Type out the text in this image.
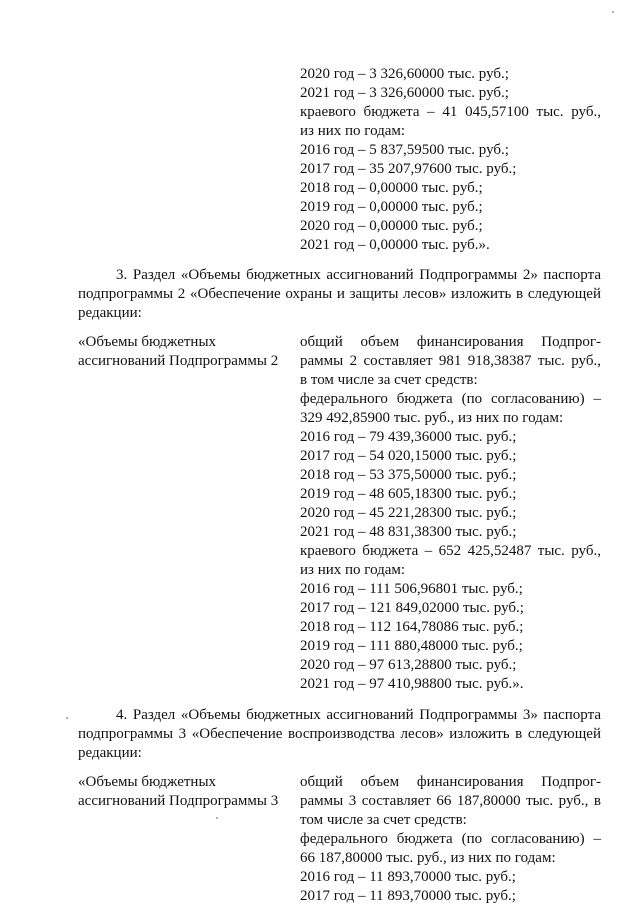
2020 год – 3 326,60000 тыс. руб.;

2021 год – 3 326,60000 тыс. руб.;

краевого бюджета – 41 045,57100 тыс. руб.,

из них по годам:

2016 год – 5 837,59500 тыс. руб.;

2017 год – 35 207,97600 тыс. руб.;

2018 год – 0,00000 тыс. руб.;

2019 год – 0,00000 тыс. руб.;

2020 год – 0,00000 тыс. руб.;

2021 год – 0,00000 тыс. руб.».

3. Раздел «Объемы бюджетных ассигнований Подпрограммы 2» паспорта

подпрограммы 2 «Обеспечение охраны и защиты лесов» изложить в следующей

редакции:

«Объемы бюджетных

ассигнований Подпрограммы 2

общий объем финансирования Подпрог-

раммы 2 составляет 981 918,38387 тыс. руб.,

в том числе за счет средств:

федерального бюджета (по согласованию) –

329 492,85900 тыс. руб., из них по годам:

2016 год – 79 439,36000 тыс. руб.;

2017 год – 54 020,15000 тыс. руб.;

2018 год – 53 375,50000 тыс. руб.;

2019 год – 48 605,18300 тыс. руб.;

2020 год – 45 221,28300 тыс. руб.;

2021 год – 48 831,38300 тыс. руб.;

краевого бюджета – 652 425,52487 тыс. руб.,

из них по годам:

2016 год – 111 506,96801 тыс. руб.;

2017 год – 121 849,02000 тыс. руб.;

2018 год – 112 164,78086 тыс. руб.;

2019 год – 111 880,48000 тыс. руб.;

2020 год – 97 613,28800 тыс. руб.;

2021 год – 97 410,98800 тыс. руб.».

4. Раздел «Объемы бюджетных ассигнований Подпрограммы 3» паспорта

подпрограммы 3 «Обеспечение воспроизводства лесов» изложить в следующей

редакции:

«Объемы бюджетных

ассигнований Подпрограммы 3

общий объем финансирования Подпрог-

раммы 3 составляет 66 187,80000 тыс. руб., в

том числе за счет средств:

федерального бюджета (по согласованию) –

66 187,80000 тыс. руб., из них по годам:

2016 год – 11 893,70000 тыс. руб.;

2017 год – 11 893,70000 тыс. руб.;
